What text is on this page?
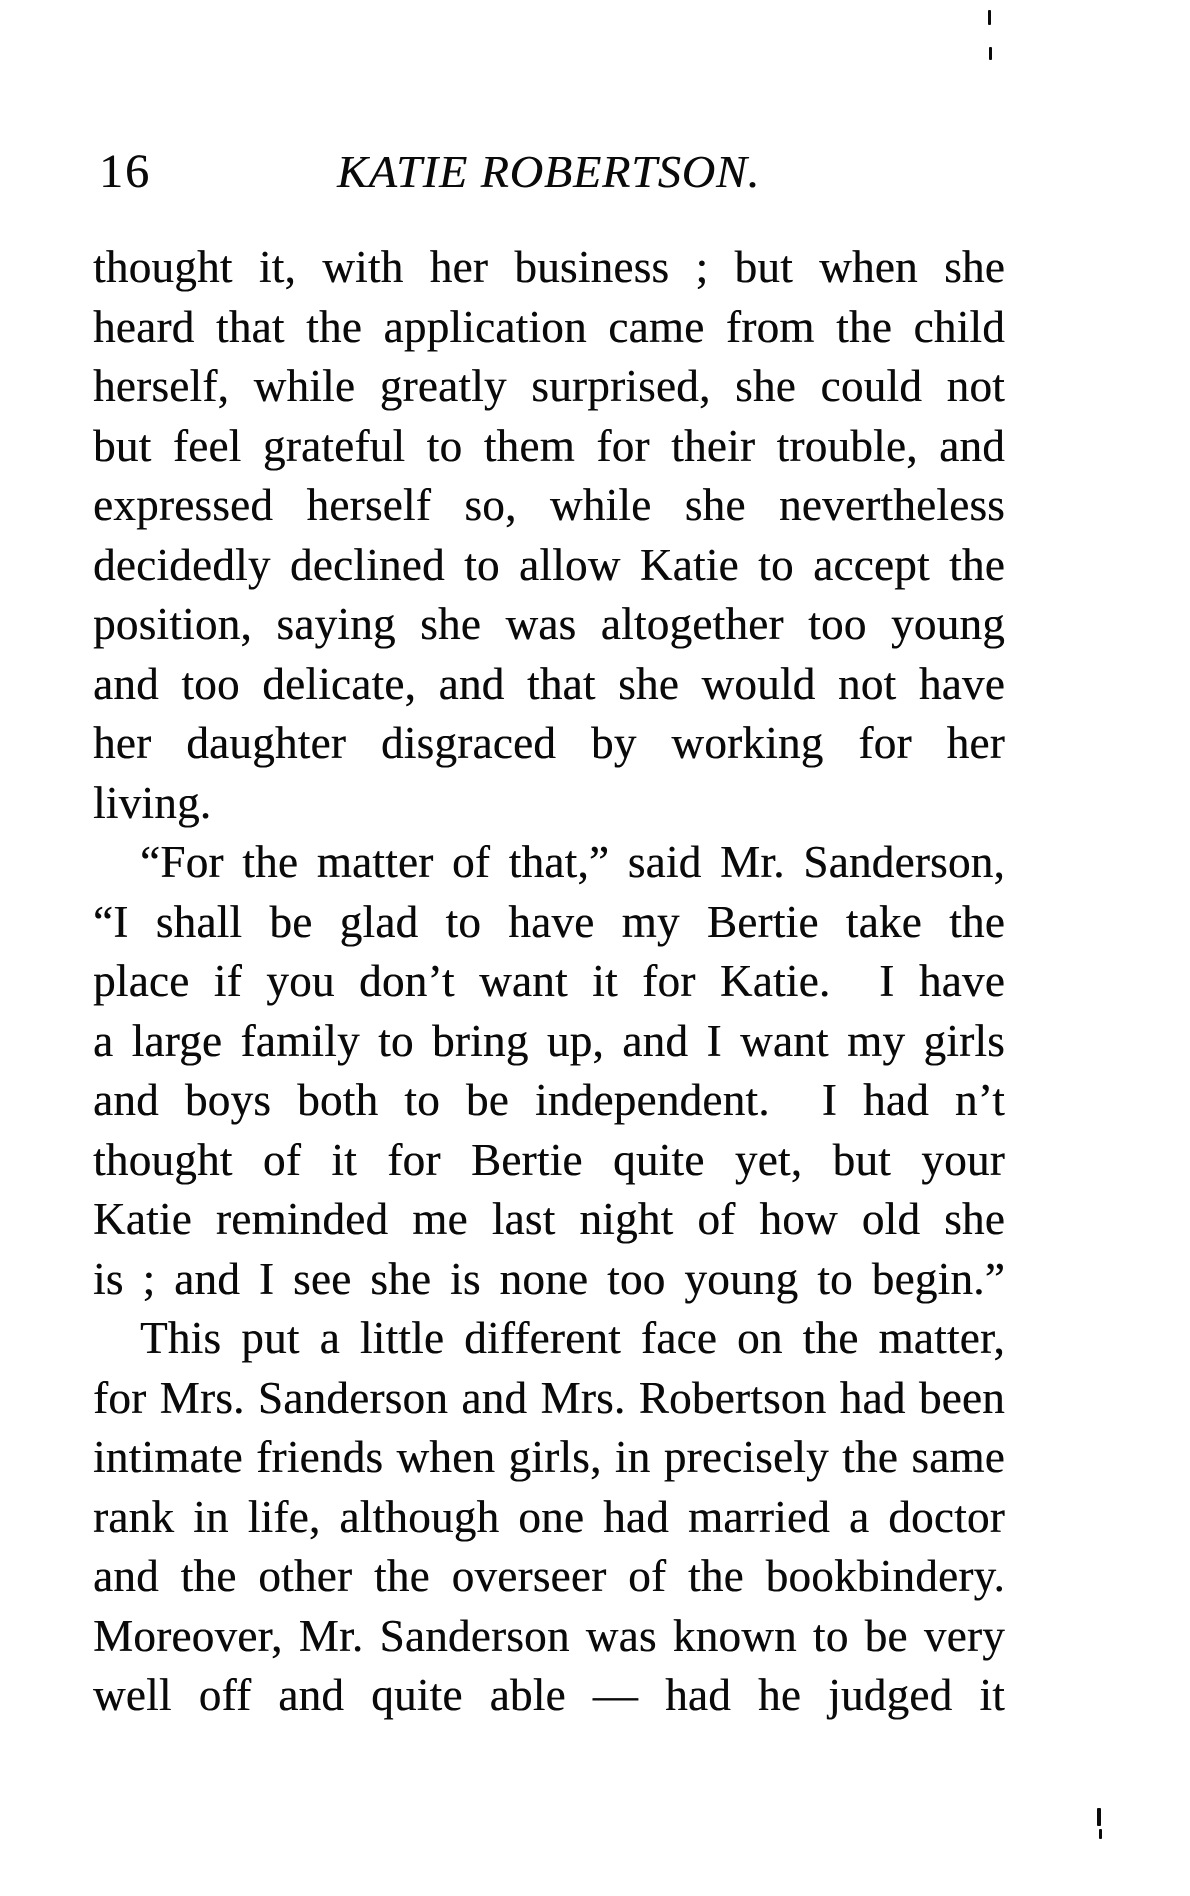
16	KATIE ROBERTSON.
thought it, with her business ; but when she
heard that the application came from the child
herself, while greatly surprised, she could not
but feel grateful to them for their trouble, and
expressed herself so, while she nevertheless
decidedly declined to allow Katie to accept the
position, saying she was altogether too young
and too delicate, and that she would not have
her daughter disgraced by working for her
living.
“For the matter of that,” said Mr. Sanderson,
“I shall be glad to have my Bertie take the
place if you don’t want it for Katie.  I have
a large family to bring up, and I want my girls
and boys both to be independent.  I had n’t
thought of it for Bertie quite yet, but your
Katie reminded me last night of how old she
is ; and I see she is none too young to begin.”
This put a little different face on the matter,
for Mrs. Sanderson and Mrs. Robertson had been
intimate friends when girls, in precisely the same
rank in life, although one had married a doctor
and the other the overseer of the bookbindery.
Moreover, Mr. Sanderson was known to be very
well off and quite able — had he judged it
